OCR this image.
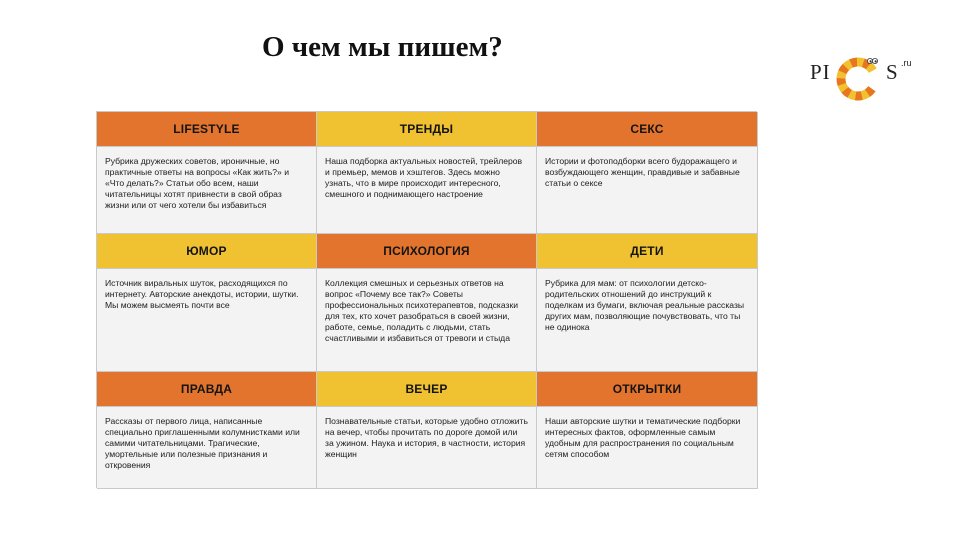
О чем мы пишем?
PI	S .ru
LIFESTYLE	ТРЕНДЫ	СЕКС
Рубрика дружеских советов, ироничные, но практичные ответы на вопросы «Как жить?» и «Что делать?» Статьи обо всем, наши читательницы хотят привнести в свой образ жизни или от чего хотели бы избавиться
Наша подборка актуальных новостей, трейлеров и премьер, мемов и хэштегов. Здесь можно узнать, что в мире происходит интересного, смешного и поднимающего настроение
Истории и фотоподборки всего будоражащего и возбуждающего женщин, правдивые и забавные статьи о сексе
ЮМОР	ПСИХОЛОГИЯ	ДЕТИ
Источник виральных шуток, расходящихся по интернету. Авторские анекдоты, истории, шутки. Мы можем высмеять почти все
Коллекция смешных и серьезных ответов на вопрос «Почему все так?» Советы профессиональных психотерапевтов, подсказки для тех, кто хочет разобраться в своей жизни, работе, семье, поладить с людьми, стать счастливыми и избавиться от тревоги и стыда
Рубрика для мам: от психологии детско-родительских отношений до инструкций к поделкам из бумаги, включая реальные рассказы других мам, позволяющие почувствовать, что ты не одинока
ПРАВДА	ВЕЧЕР	ОТКРЫТКИ
Рассказы от первого лица, написанные специально приглашенными колумнистками или самими читательницами. Трагические, умортельные или полезные признания и откровения
Познавательные статьи, которые удобно отложить на вечер, чтобы прочитать по дороге домой или за ужином. Наука и история, в частности, история женщин
Наши авторские шутки и тематические подборки интересных фактов, оформленные самым удобным для распространения по социальным сетям способом
